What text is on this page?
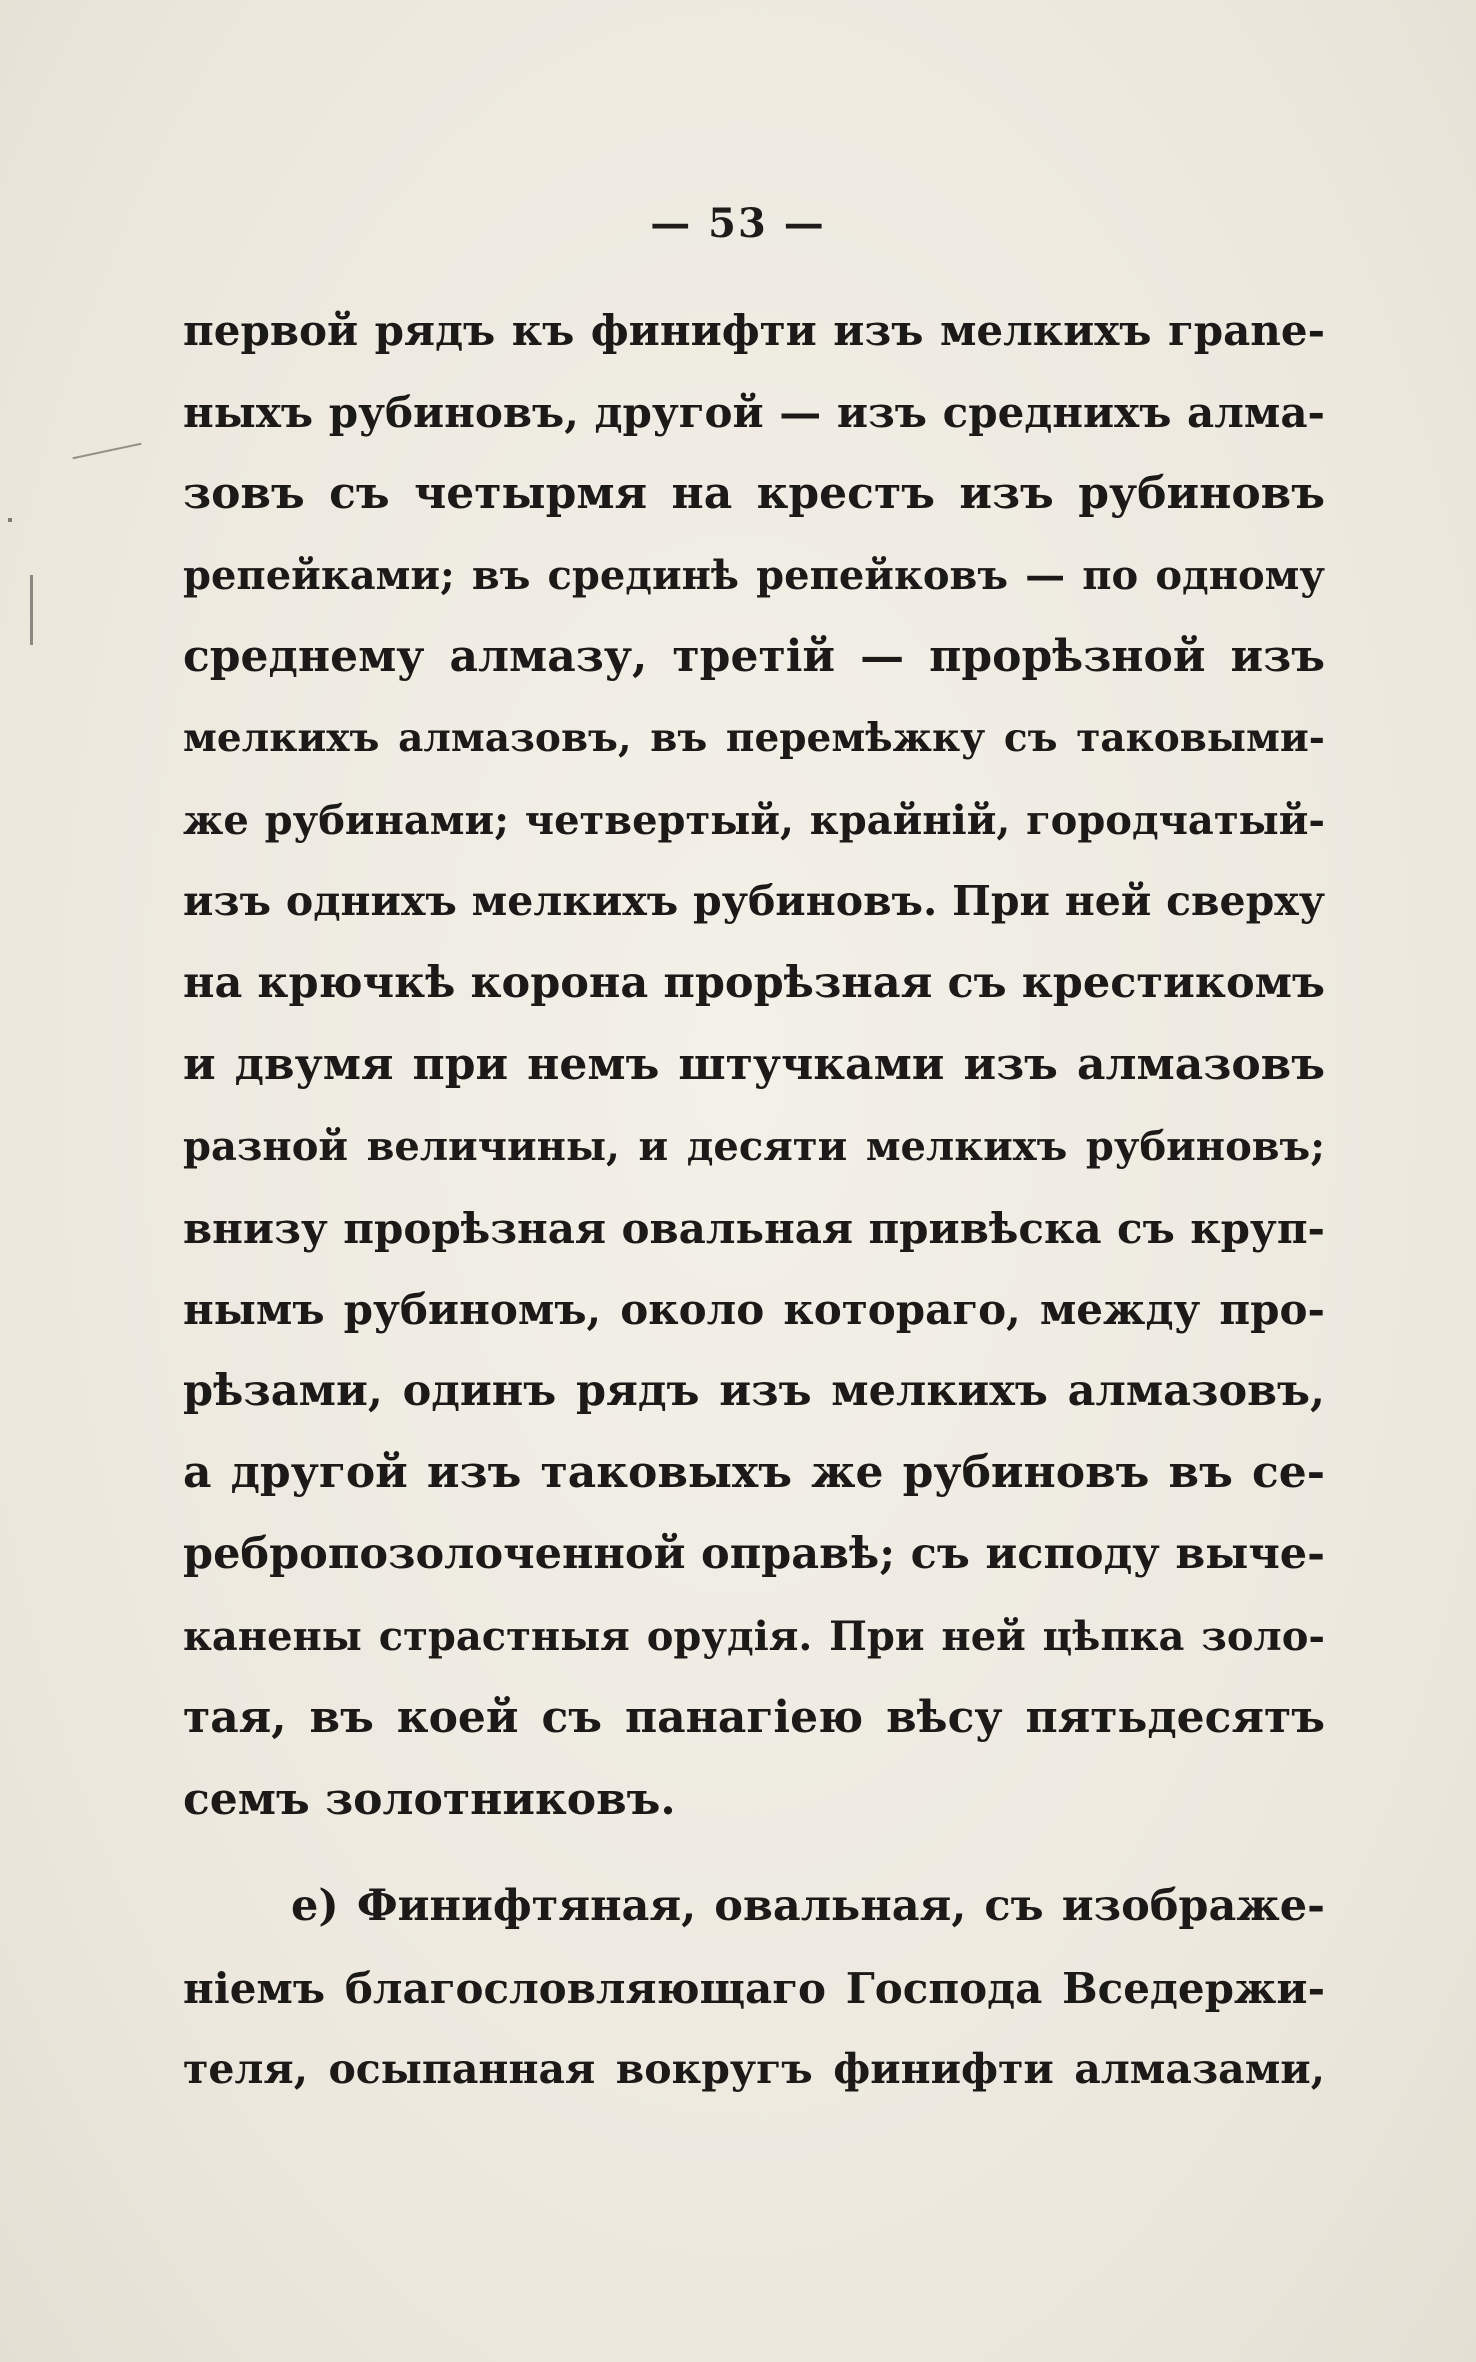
— 53 —
первой рядъ къ финифти изъ мелкихъ грane-
ныхъ рубиновъ, другой — изъ среднихъ алма-
зовъ съ четырмя на крестъ изъ рубиновъ
репейками; въ срединѣ репейковъ — по одному
среднему алмазу, третій — прорѣзной изъ
мелкихъ алмазовъ, въ перемѣжку съ таковыми-
же рубинами; четвертый, крайній, городчатый-
изъ однихъ мелкихъ рубиновъ. При ней сверху
на крючкѣ корона прорѣзная съ крестикомъ
и двумя при немъ штучками изъ алмазовъ
разной величины, и десяти мелкихъ рубиновъ;
внизу прорѣзная овальная привѣска съ круп-
нымъ рубиномъ, около котораго, между про-
рѣзами, одинъ рядъ изъ мелкихъ алмазовъ,
а другой изъ таковыхъ же рубиновъ въ се-
ребропозолоченной оправѣ; съ исподу выче-
канены страстныя орудія. При ней цѣпка золо-
тая, въ коей съ панагіею вѣсу пятьдесятъ
семъ золотниковъ.
е) Финифтяная, овальная, съ изображе-
ніемъ благословляющаго Господа Вседержи-
теля, осыпанная вокругъ финифти алмазами,
